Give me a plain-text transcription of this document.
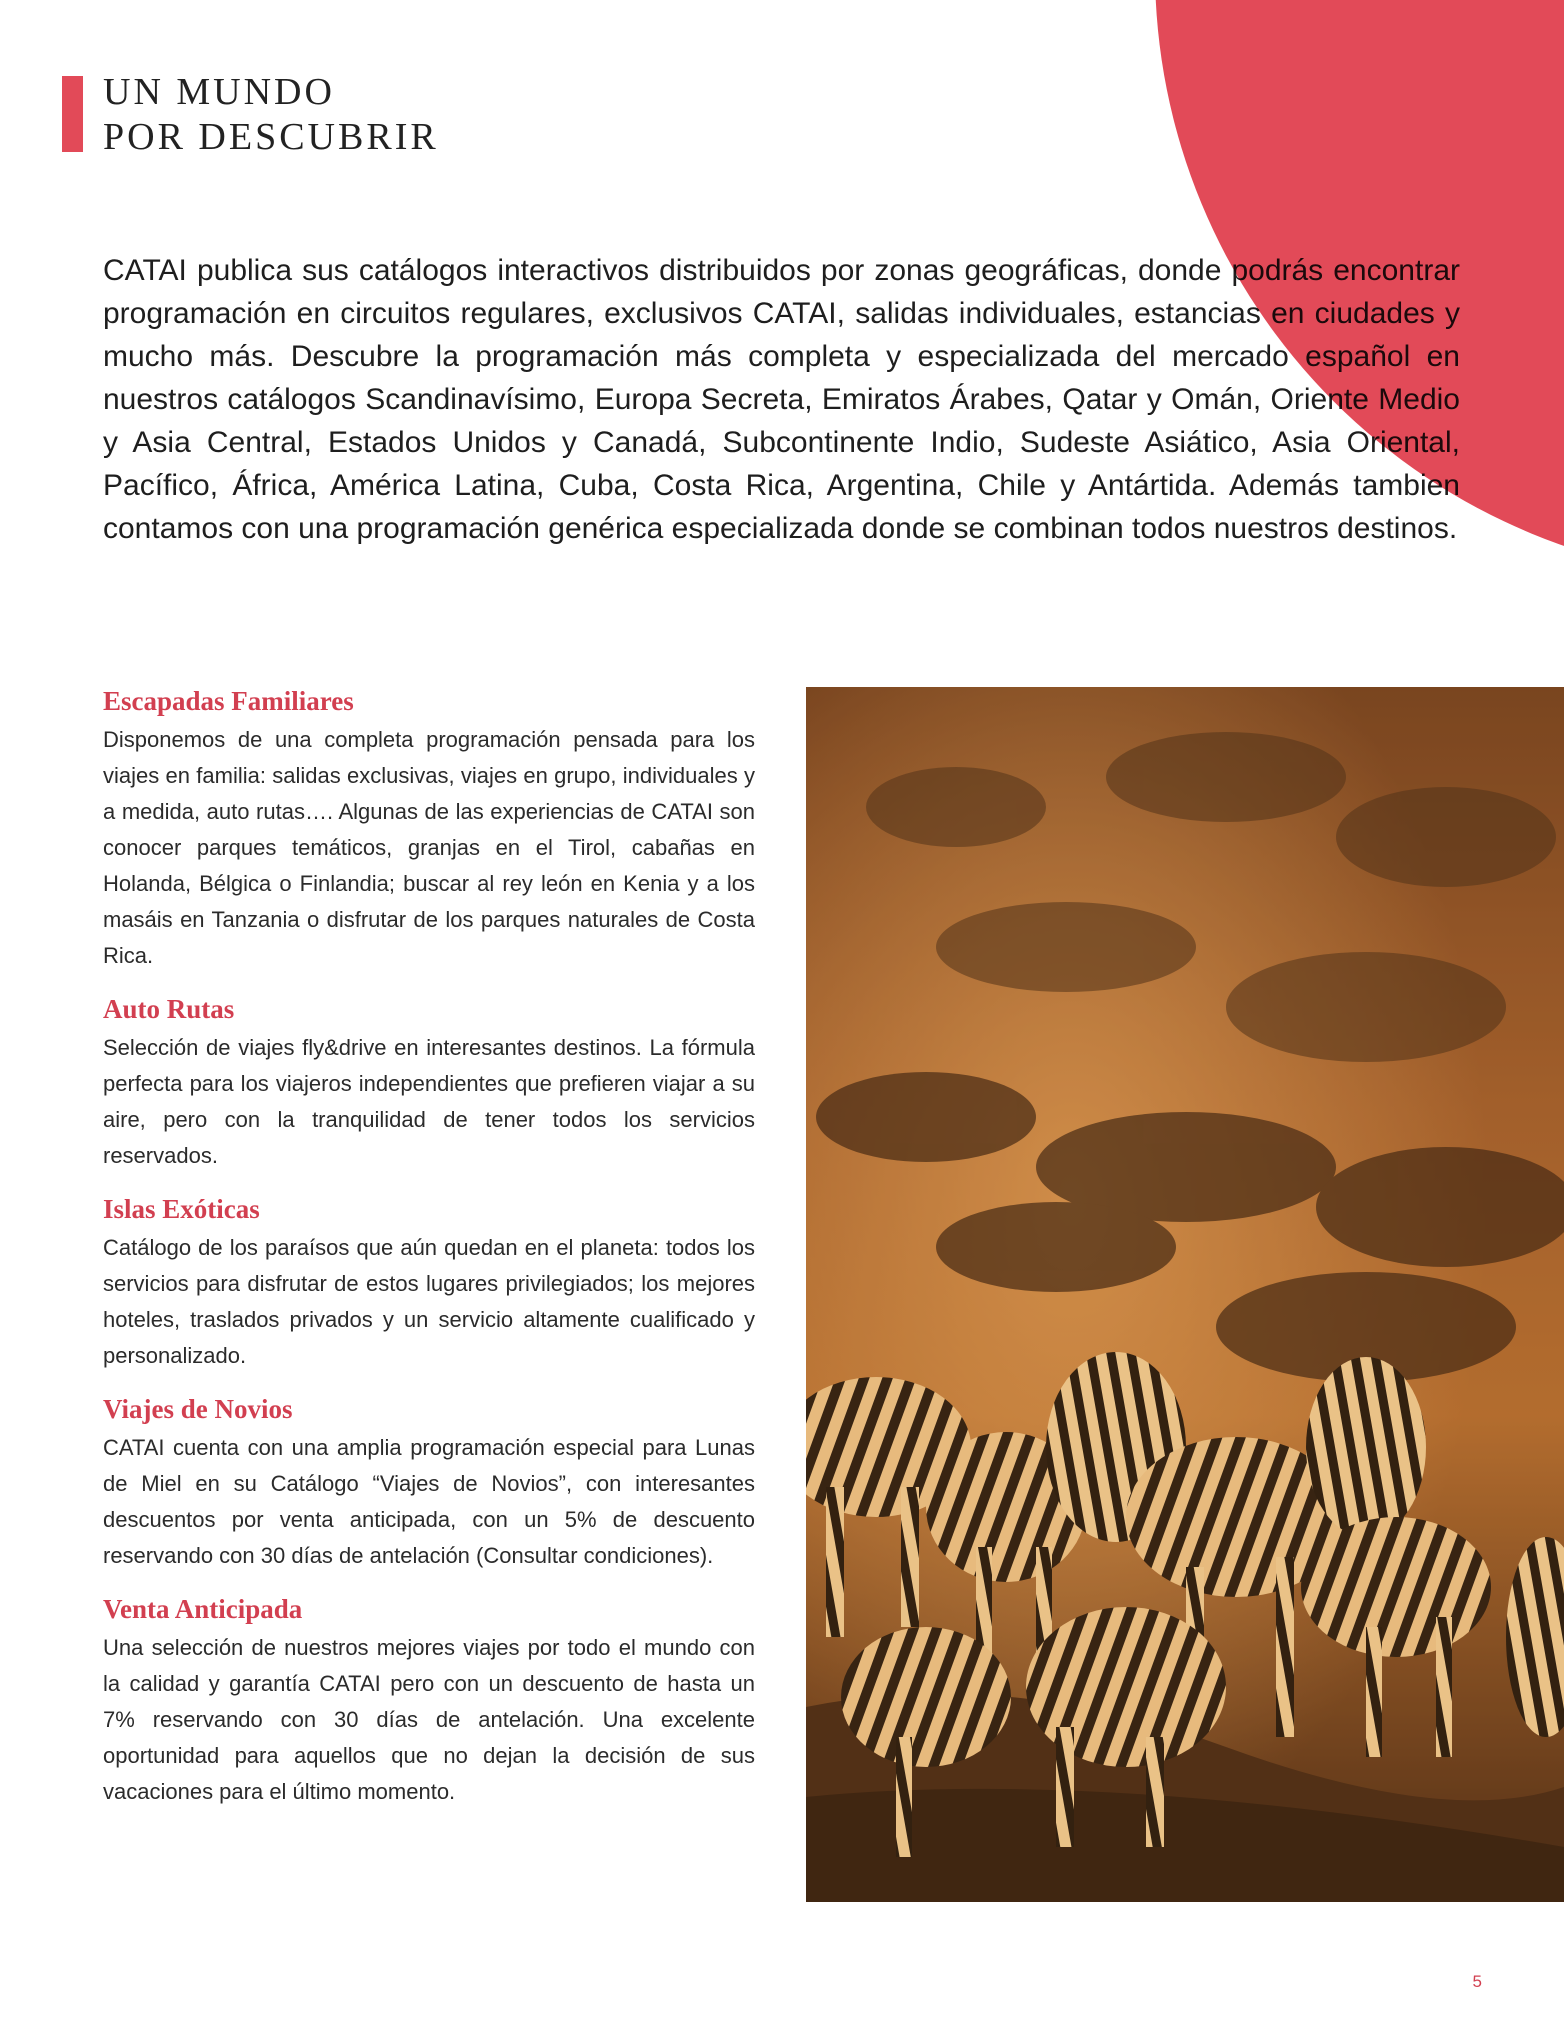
UN MUNDO
POR DESCUBRIR

CATAI publica sus catálogos interactivos distribuidos por zonas geográficas, donde podrás encontrar programación en circuitos regulares, exclusivos CATAI, salidas individuales, estancias en ciudades y mucho más. Descubre la programación más completa y especializada del mercado español en nuestros catálogos Scandinavísimo, Europa Secreta, Emiratos Árabes, Qatar y Omán, Oriente Medio y Asia Central, Estados Unidos y Canadá, Subcontinente Indio, Sudeste Asiático, Asia Oriental, Pacífico, África, América Latina, Cuba, Costa Rica, Argentina, Chile y Antártida. Además tambien contamos con una programación genérica especializada donde se combinan todos nuestros destinos.

Escapadas Familiares

Disponemos de una completa programación pensada para los viajes en familia: salidas exclusivas, viajes en grupo, individuales y a medida, auto rutas…. Algunas de las experiencias de CATAI son conocer parques temáticos, granjas en el Tirol, cabañas en Holanda, Bélgica o Finlandia; buscar al rey león en Kenia y a los masáis en Tanzania o disfrutar de los parques naturales de Costa Rica.

Auto Rutas

Selección de viajes fly&drive en interesantes destinos. La fórmula perfecta para los viajeros independientes que prefieren viajar a su aire, pero con la tranquilidad de tener todos los servicios reservados.

Islas Exóticas

Catálogo de los paraísos que aún quedan en el planeta: todos los servicios para disfrutar de estos lugares privilegiados; los mejores hoteles, traslados privados y un servicio altamente cualificado y personalizado.

Viajes de Novios

CATAI cuenta con una amplia programación especial para Lunas de Miel en su Catálogo “Viajes de Novios”, con interesantes descuentos por venta anticipada, con un 5% de descuento reservando con 30 días de antelación (Consultar condiciones).

Venta Anticipada

Una selección de nuestros mejores viajes por todo el mundo con la calidad y garantía CATAI pero con un descuento de hasta un 7% reservando con 30 días de antelación. Una excelente oportunidad para aquellos que no dejan la decisión de sus vacaciones para el último momento.

5
